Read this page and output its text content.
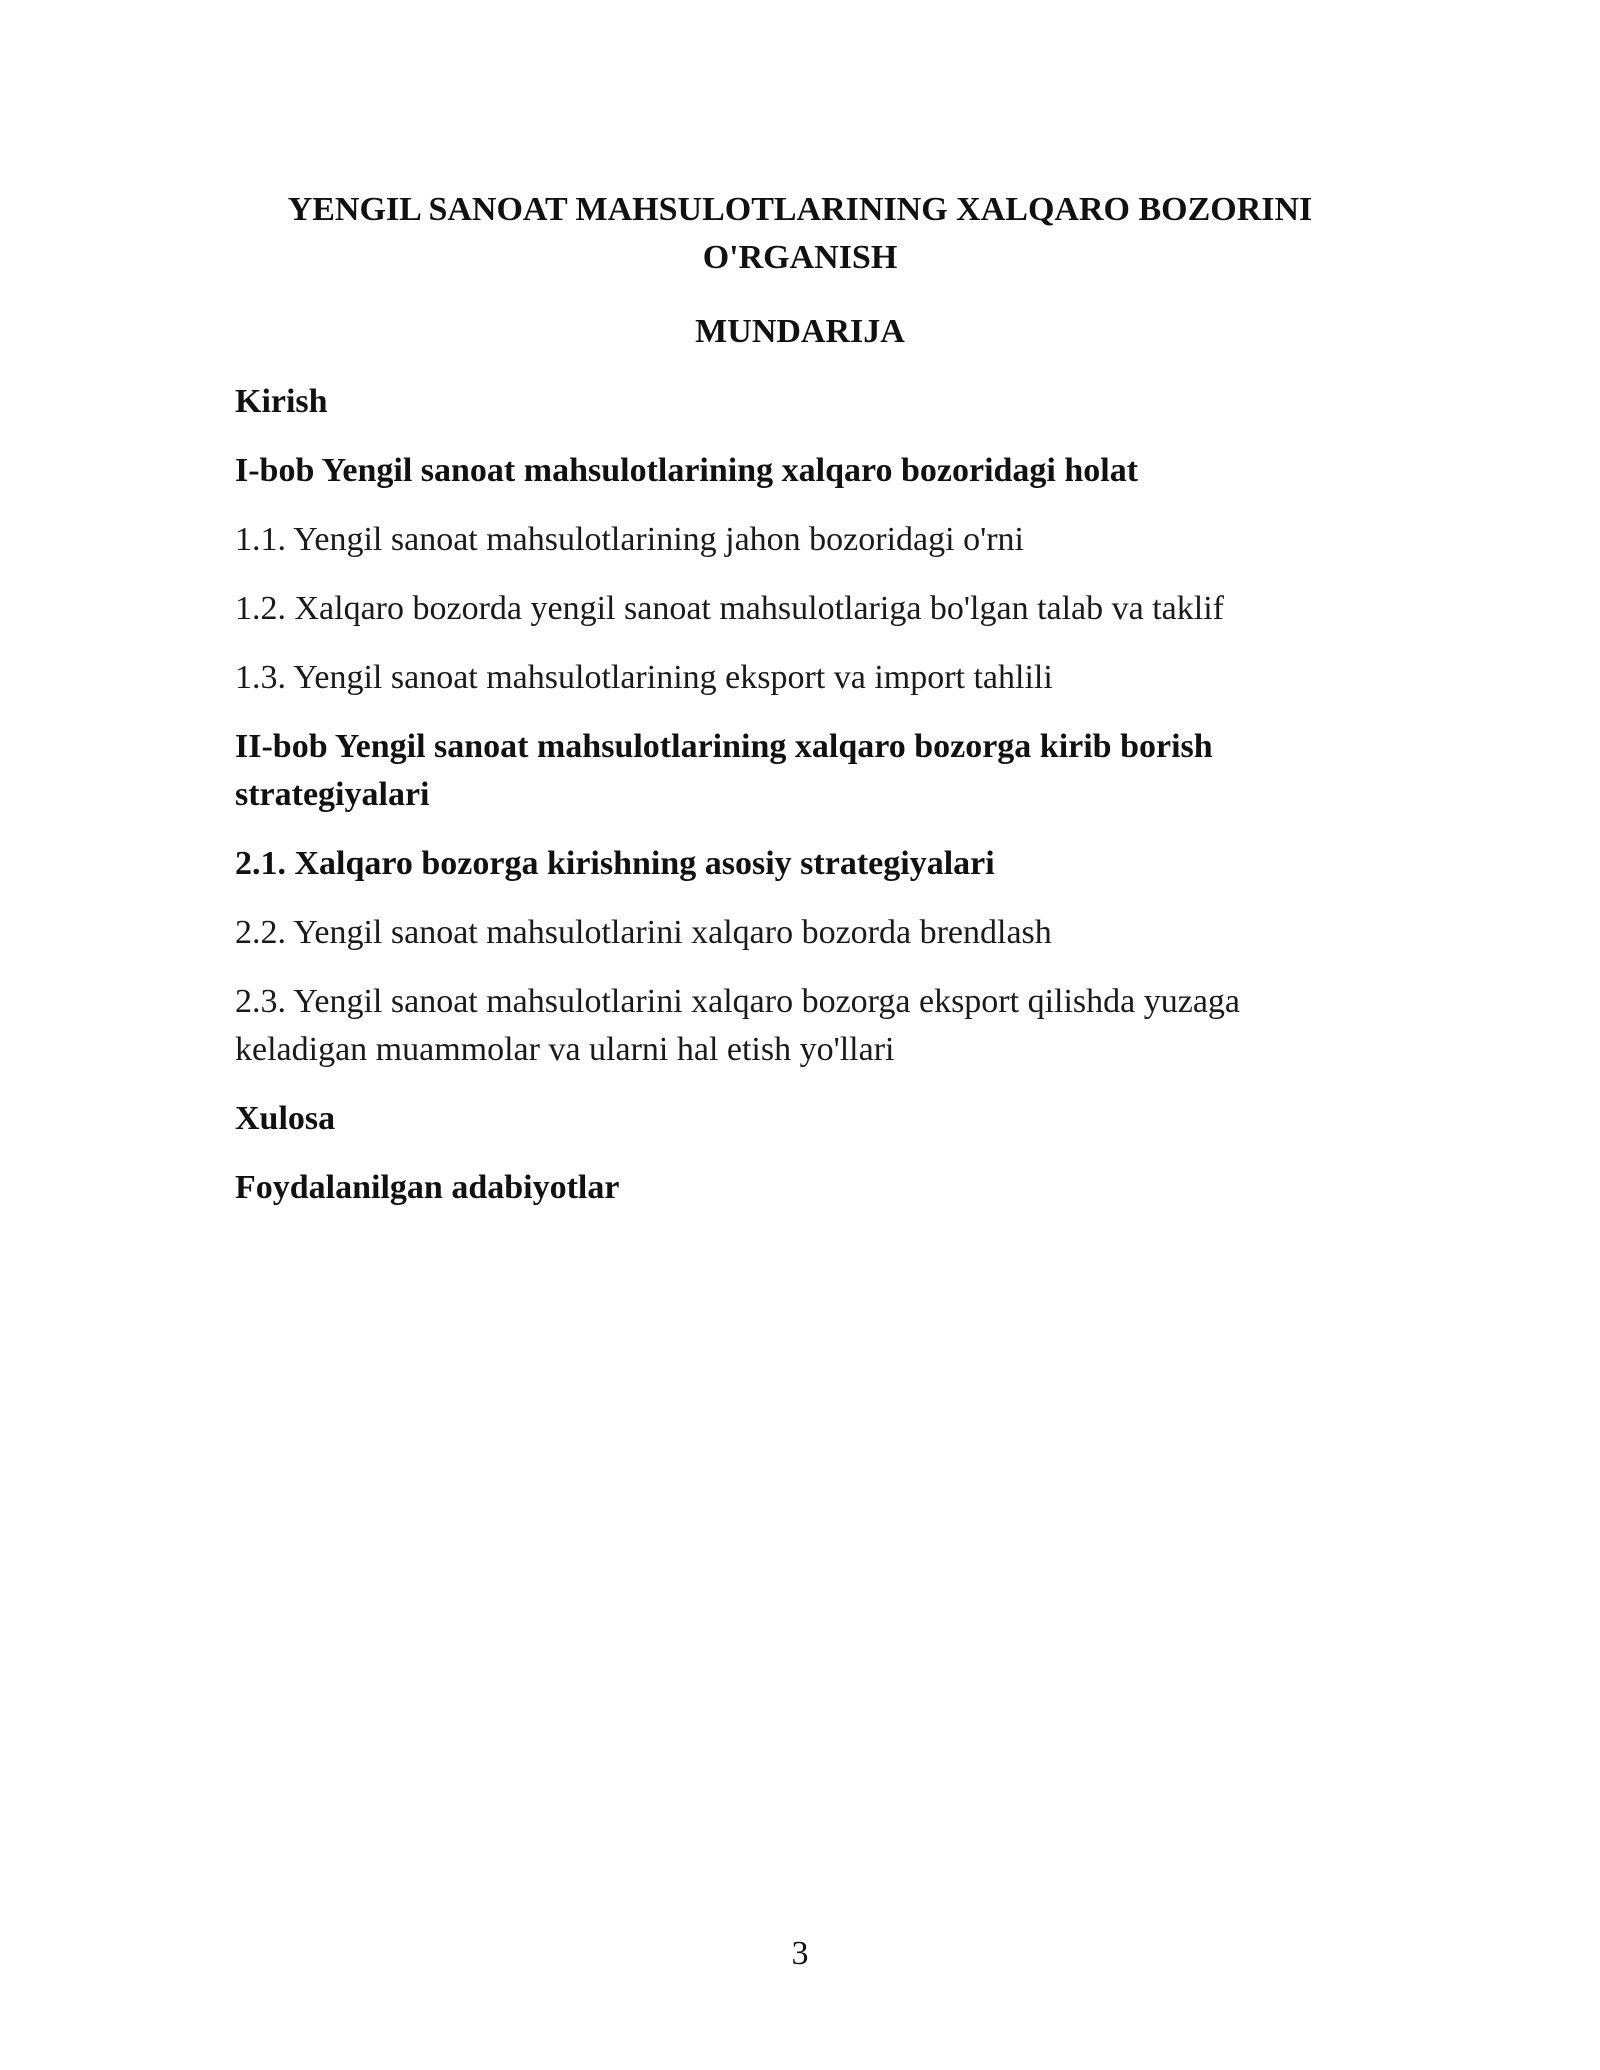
YENGIL SANOAT MAHSULOTLARINING XALQARO BOZORINI
O'RGANISH
MUNDARIJA
Kirish
I-bob Yengil sanoat mahsulotlarining xalqaro bozoridagi holat
1.1. Yengil sanoat mahsulotlarining jahon bozoridagi o'rni
1.2. Xalqaro bozorda yengil sanoat mahsulotlariga bo'lgan talab va taklif
1.3. Yengil sanoat mahsulotlarining eksport va import tahlili
II-bob Yengil sanoat mahsulotlarining xalqaro bozorga kirib borish strategiyalari
2.1. Xalqaro bozorga kirishning asosiy strategiyalari
2.2. Yengil sanoat mahsulotlarini xalqaro bozorda brendlash
2.3. Yengil sanoat mahsulotlarini xalqaro bozorga eksport qilishda yuzaga keladigan muammolar va ularni hal etish yo'llari
Xulosa
Foydalanilgan adabiyotlar
3
